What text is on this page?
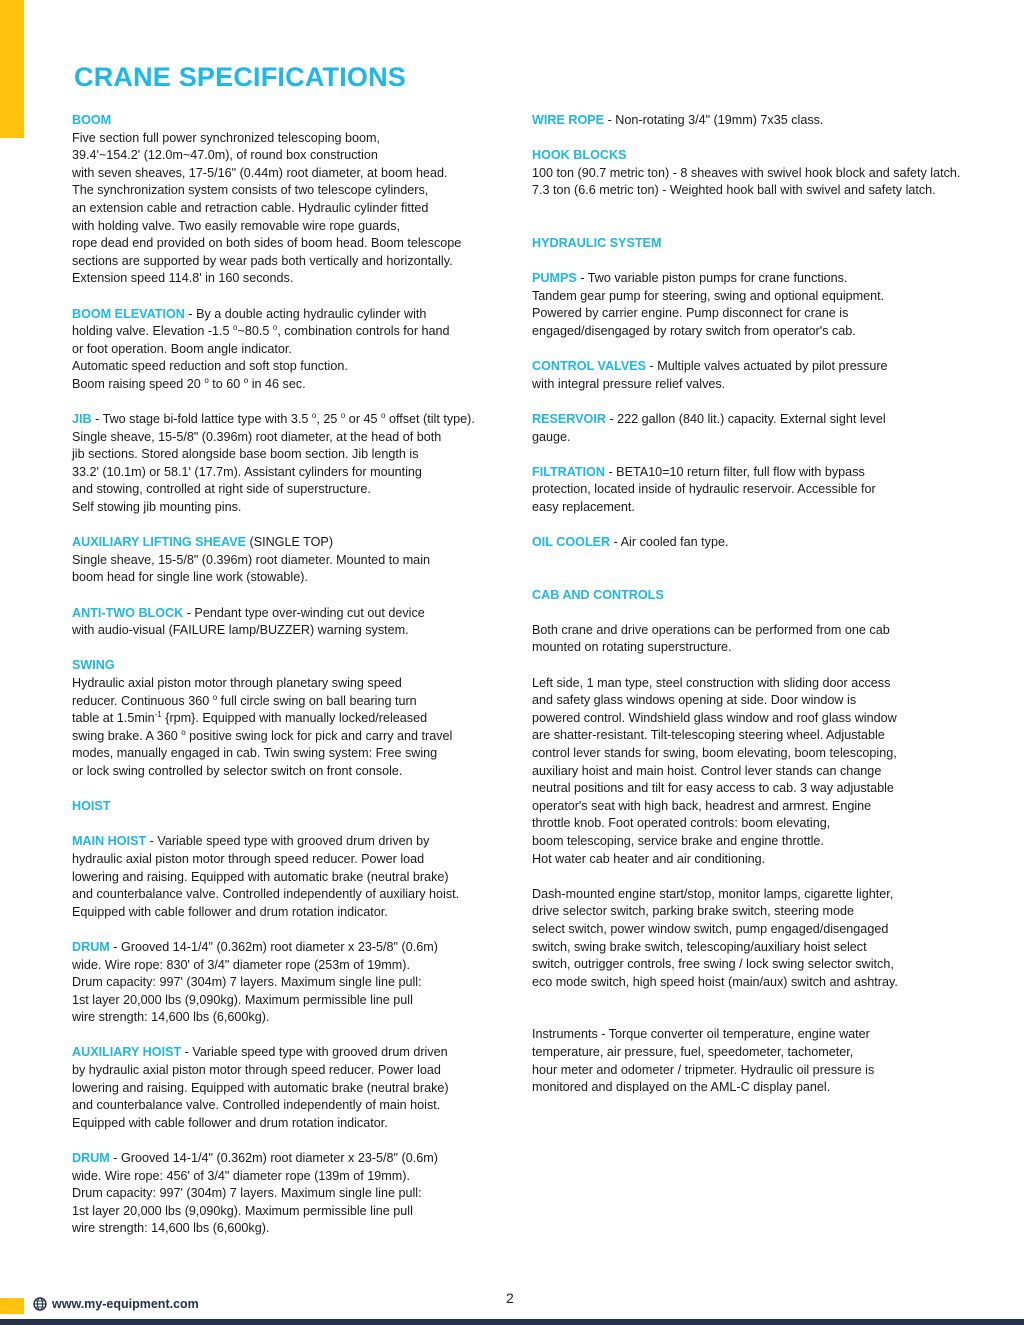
CRANE SPECIFICATIONS
BOOM
Five section full power synchronized telescoping boom,
39.4'~154.2' (12.0m~47.0m), of round box construction
with seven sheaves, 17-5/16" (0.44m) root diameter, at boom head.
The synchronization system consists of two telescope cylinders,
an extension cable and retraction cable. Hydraulic cylinder fitted
with holding valve. Two easily removable wire rope guards,
rope dead end provided on both sides of boom head. Boom telescope
sections are supported by wear pads both vertically and horizontally.
Extension speed 114.8' in 160 seconds.
BOOM ELEVATION - By a double acting hydraulic cylinder with
holding valve. Elevation -1.5 $^o$~80.5 $^o$, combination controls for hand
or foot operation. Boom angle indicator.
Automatic speed reduction and soft stop function.
Boom raising speed 20 $^o$ to 60 $^o$ in 46 sec.
JIB - Two stage bi-fold lattice type with 3.5 $^o$, 25 $^o$ or 45 $^o$ offset (tilt type).
Single sheave, 15-5/8" (0.396m) root diameter, at the head of both
jib sections. Stored alongside base boom section. Jib length is
33.2' (10.1m) or 58.1' (17.7m). Assistant cylinders for mounting
and stowing, controlled at right side of superstructure.
Self stowing jib mounting pins.
AUXILIARY LIFTING SHEAVE (SINGLE TOP)
Single sheave, 15-5/8" (0.396m) root diameter. Mounted to main
boom head for single line work (stowable).
ANTI-TWO BLOCK - Pendant type over-winding cut out device
with audio-visual (FAILURE lamp/BUZZER) warning system.
SWING
Hydraulic axial piston motor through planetary swing speed
reducer. Continuous 360 $^o$ full circle swing on ball bearing turn
table at $1.5\min^{-1}$ {rpm}. Equipped with manually locked/released
swing brake. A 360 $^o$ positive swing lock for pick and carry and travel
modes, manually engaged in cab. Twin swing system: Free swing
or lock swing controlled by selector switch on front console.
HOIST
MAIN HOIST - Variable speed type with grooved drum driven by
hydraulic axial piston motor through speed reducer. Power load
lowering and raising. Equipped with automatic brake (neutral brake)
and counterbalance valve. Controlled independently of auxiliary hoist.
Equipped with cable follower and drum rotation indicator.
DRUM - Grooved 14-1/4" (0.362m) root diameter x 23-5/8" (0.6m)
wide. Wire rope: 830' of 3/4" diameter rope (253m of 19mm).
Drum capacity: 997' (304m) 7 layers. Maximum single line pull:
1st layer 20,000 lbs (9,090kg). Maximum permissible line pull
wire strength: 14,600 lbs (6,600kg).
AUXILIARY HOIST - Variable speed type with grooved drum driven
by hydraulic axial piston motor through speed reducer. Power load
lowering and raising. Equipped with automatic brake (neutral brake)
and counterbalance valve. Controlled independently of main hoist.
Equipped with cable follower and drum rotation indicator.
DRUM - Grooved 14-1/4" (0.362m) root diameter x 23-5/8" (0.6m)
wide. Wire rope: 456' of 3/4" diameter rope (139m of 19mm).
Drum capacity: 997' (304m) 7 layers. Maximum single line pull:
1st layer 20,000 lbs (9,090kg). Maximum permissible line pull
wire strength: 14,600 lbs (6,600kg).
WIRE ROPE - Non-rotating 3/4" (19mm) 7x35 class.
HOOK BLOCKS
100 ton (90.7 metric ton) - 8 sheaves with swivel hook block and safety latch.
7.3 ton (6.6 metric ton) - Weighted hook ball with swivel and safety latch.
HYDRAULIC SYSTEM
PUMPS - Two variable piston pumps for crane functions.
Tandem gear pump for steering, swing and optional equipment.
Powered by carrier engine. Pump disconnect for crane is
engaged/disengaged by rotary switch from operator's cab.
CONTROL VALVES - Multiple valves actuated by pilot pressure
with integral pressure relief valves.
RESERVOIR - 222 gallon (840 lit.) capacity. External sight level
gauge.
FILTRATION - BETA10=10 return filter, full flow with bypass
protection, located inside of hydraulic reservoir. Accessible for
easy replacement.
OIL COOLER - Air cooled fan type.
CAB AND CONTROLS
Both crane and drive operations can be performed from one cab
mounted on rotating superstructure.
Left side, 1 man type, steel construction with sliding door access
and safety glass windows opening at side. Door window is
powered control. Windshield glass window and roof glass window
are shatter-resistant. Tilt-telescoping steering wheel. Adjustable
control lever stands for swing, boom elevating, boom telescoping,
auxiliary hoist and main hoist. Control lever stands can change
neutral positions and tilt for easy access to cab. 3 way adjustable
operator's seat with high back, headrest and armrest. Engine
throttle knob. Foot operated controls: boom elevating,
boom telescoping, service brake and engine throttle.
Hot water cab heater and air conditioning.
Dash-mounted engine start/stop, monitor lamps, cigarette lighter,
drive selector switch, parking brake switch, steering mode
select switch, power window switch, pump engaged/disengaged
switch, swing brake switch, telescoping/auxiliary hoist select
switch, outrigger controls, free swing / lock swing selector switch,
eco mode switch, high speed hoist (main/aux) switch and ashtray.
Instruments - Torque converter oil temperature, engine water
temperature, air pressure, fuel, speedometer, tachometer,
hour meter and odometer / tripmeter. Hydraulic oil pressure is
monitored and displayed on the AML-C display panel.
2
www.my-equipment.com
